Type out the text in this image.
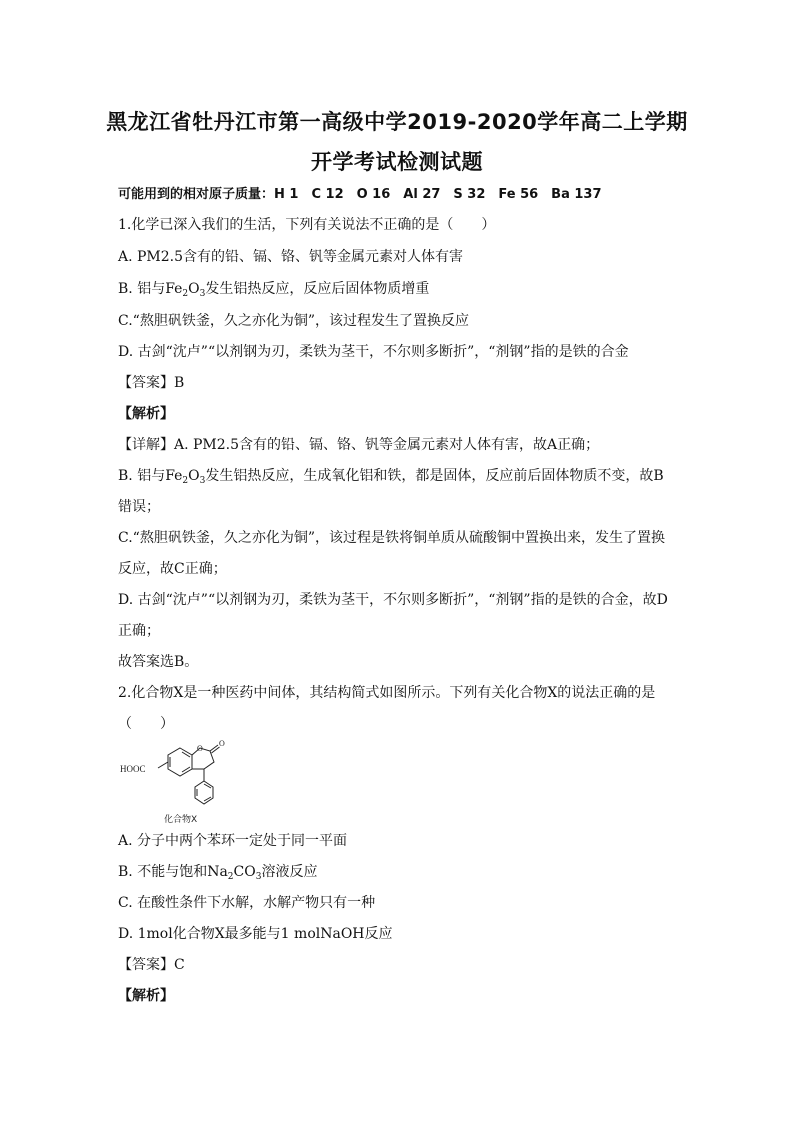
黑龙江省牡丹江市第一高级中学2019-2020学年高二上学期
开学考试检测试题
可能用到的相对原子质量：H 1　C 12　O 16　Al 27　S 32　Fe 56　Ba 137
1.化学已深入我们的生活，下列有关说法不正确的是（　　）
A. PM2.5含有的铅、镉、铬、钒等金属元素对人体有害
B. 铝与$Fe_2O_3$发生铝热反应，反应后固体物质增重
C.“熬胆矾铁釜，久之亦化为铜”，该过程发生了置换反应
D. 古剑“沈卢”“以剂钢为刃，柔铁为茎干，不尔则多断折”，“剂钢”指的是铁的合金
【答案】B
【解析】
【详解】A. PM2.5含有的铅、镉、铬、钒等金属元素对人体有害，故A正确；
B. 铝与$Fe_2O_3$发生铝热反应，生成氧化铝和铁，都是固体，反应前后固体物质不变，故B
错误；
C.“熬胆矾铁釜，久之亦化为铜”，该过程是铁将铜单质从硫酸铜中置换出来，发生了置换
反应，故C正确；
D. 古剑“沈卢”“以剂钢为刃，柔铁为茎干，不尔则多断折”，“剂钢”指的是铁的合金，故D
正确；
故答案选B。
2.化合物X是一种医药中间体，其结构简式如图所示。下列有关化合物X的说法正确的是
（　　）
HOOC
O
O
化合物X
A. 分子中两个苯环一定处于同一平面
B. 不能与饱和$Na_2CO_3$溶液反应
C. 在酸性条件下水解，水解产物只有一种
D. 1mol化合物X最多能与1 molNaOH反应
【答案】C
【解析】
